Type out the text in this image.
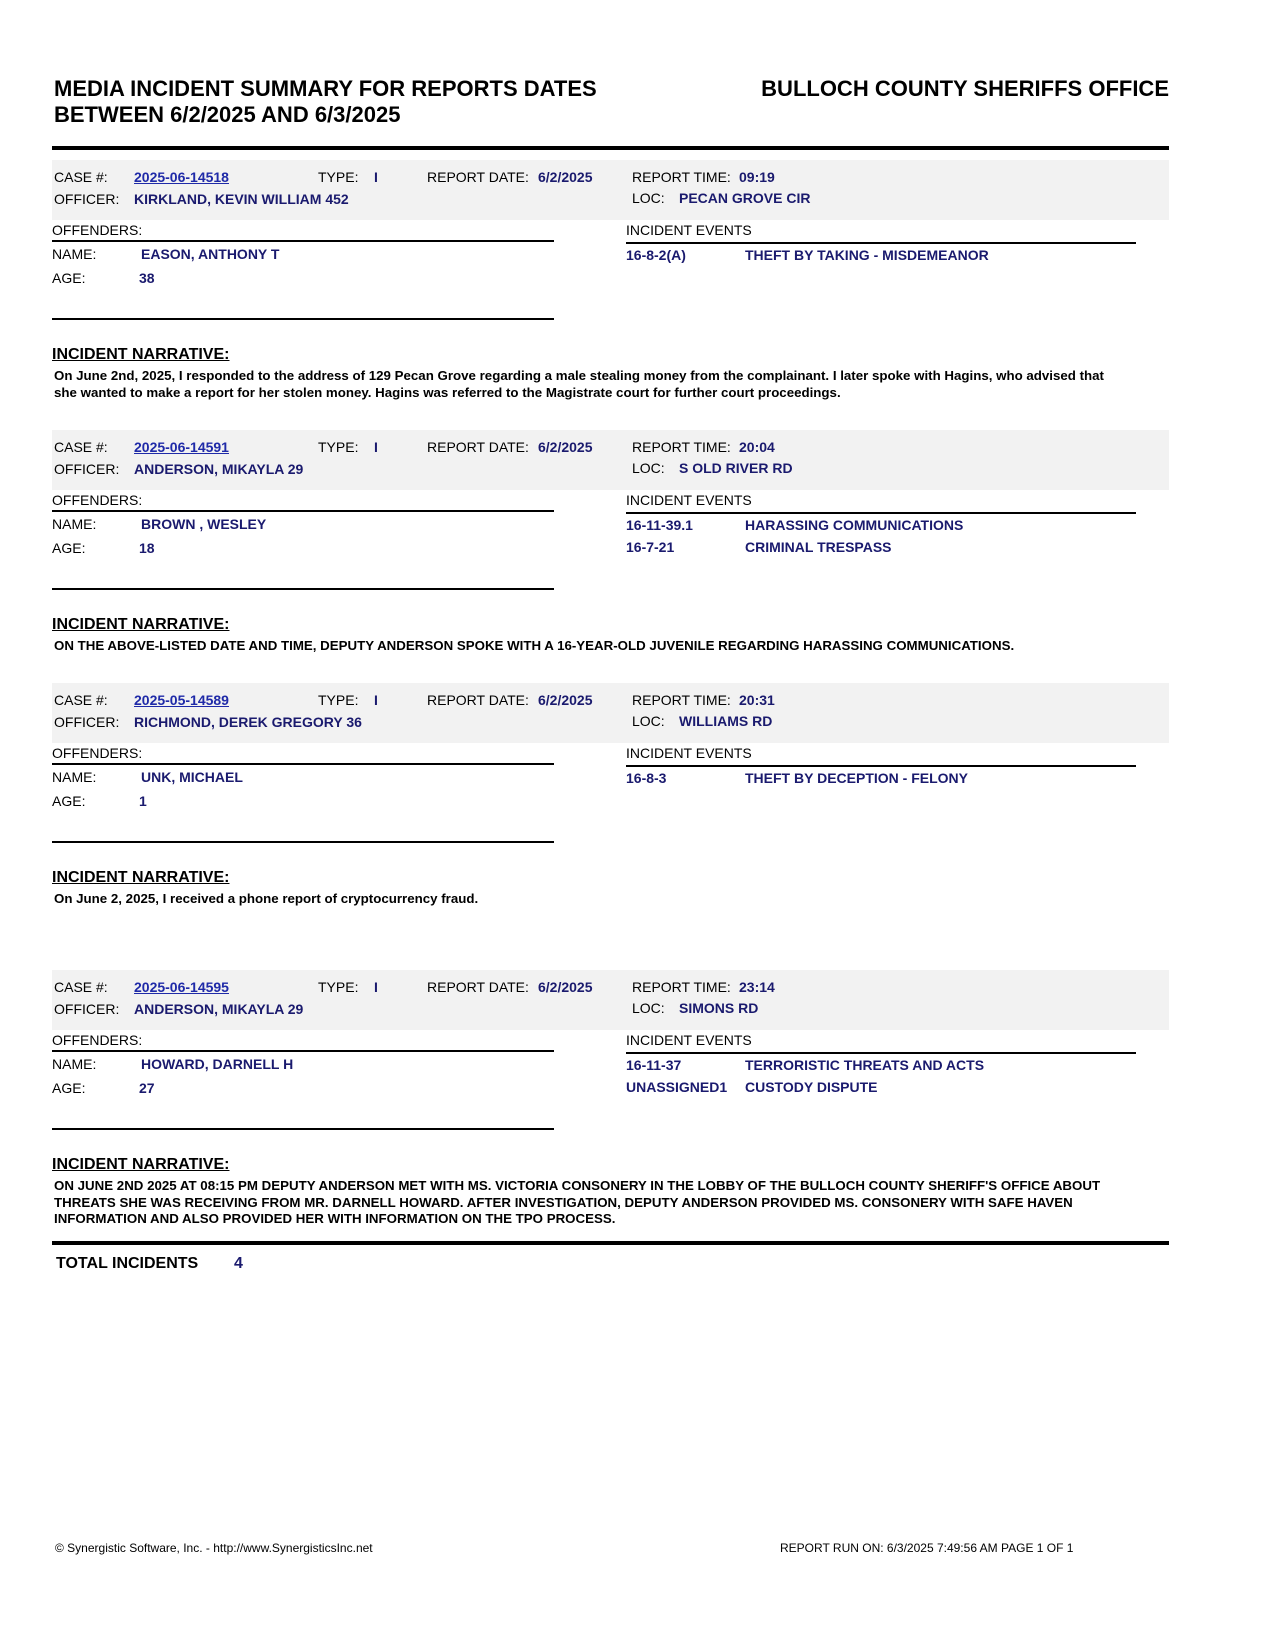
MEDIA INCIDENT SUMMARY FOR REPORTS DATES
BETWEEN 6/2/2025 AND 6/3/2025
BULLOCH COUNTY SHERIFFS OFFICE
CASE #: 2025-06-14518	TYPE: I	REPORT DATE: 6/2/2025	REPORT TIME: 09:19
OFFICER: KIRKLAND, KEVIN WILLIAM 452	LOC: PECAN GROVE CIR
OFFENDERS:
NAME:	EASON, ANTHONY T
AGE:	38
INCIDENT EVENTS
16-8-2(A)	THEFT BY TAKING - MISDEMEANOR
INCIDENT NARRATIVE:
On June 2nd, 2025, I responded to the address of 129 Pecan Grove regarding a male stealing money from the complainant. I later spoke with Hagins, who advised that she wanted to make a report for her stolen money. Hagins was referred to the Magistrate court for further court proceedings.
CASE #: 2025-06-14591	TYPE: I	REPORT DATE: 6/2/2025	REPORT TIME: 20:04
OFFICER: ANDERSON, MIKAYLA 29	LOC: S OLD RIVER RD
OFFENDERS:
NAME:	BROWN , WESLEY
AGE:	18
INCIDENT EVENTS
16-11-39.1	HARASSING COMMUNICATIONS
16-7-21	CRIMINAL TRESPASS
INCIDENT NARRATIVE:
ON THE ABOVE-LISTED DATE AND TIME, DEPUTY ANDERSON SPOKE WITH A 16-YEAR-OLD JUVENILE REGARDING HARASSING COMMUNICATIONS.
CASE #: 2025-05-14589	TYPE: I	REPORT DATE: 6/2/2025	REPORT TIME: 20:31
OFFICER: RICHMOND, DEREK GREGORY 36	LOC: WILLIAMS RD
OFFENDERS:
NAME:	UNK, MICHAEL
AGE:	1
INCIDENT EVENTS
16-8-3	THEFT BY DECEPTION - FELONY
INCIDENT NARRATIVE:
On June 2, 2025, I received a phone report of cryptocurrency fraud.
CASE #: 2025-06-14595	TYPE: I	REPORT DATE: 6/2/2025	REPORT TIME: 23:14
OFFICER: ANDERSON, MIKAYLA 29	LOC: SIMONS RD
OFFENDERS:
NAME:	HOWARD, DARNELL H
AGE:	27
INCIDENT EVENTS
16-11-37	TERRORISTIC THREATS AND ACTS
UNASSIGNED1 CUSTODY DISPUTE
INCIDENT NARRATIVE:
ON JUNE 2ND 2025 AT 08:15 PM DEPUTY ANDERSON MET WITH MS. VICTORIA CONSONERY IN THE LOBBY OF THE BULLOCH COUNTY SHERIFF'S OFFICE ABOUT THREATS SHE WAS RECEIVING FROM MR. DARNELL HOWARD. AFTER INVESTIGATION, DEPUTY ANDERSON PROVIDED MS. CONSONERY WITH SAFE HAVEN INFORMATION AND ALSO PROVIDED HER WITH INFORMATION ON THE TPO PROCESS.
TOTAL INCIDENTS 4
© Synergistic Software, Inc. - http://www.SynergisticsInc.net	REPORT RUN ON: 6/3/2025 7:49:56 AM PAGE 1 OF 1
